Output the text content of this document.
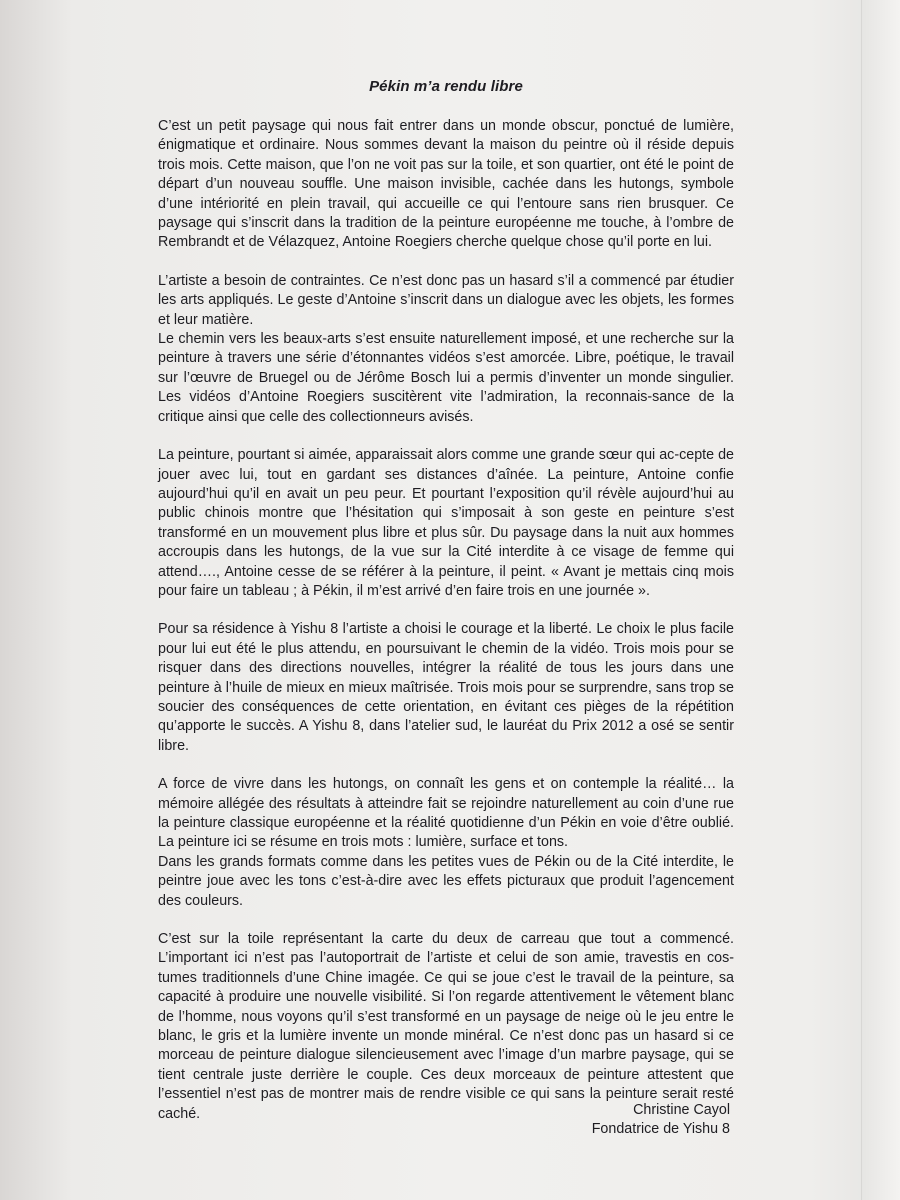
Pékin m’a rendu libre
C’est un petit paysage qui nous fait entrer dans un monde obscur, ponctué de lumière, énigmatique et ordinaire. Nous sommes devant la maison du peintre où il réside depuis trois mois. Cette maison, que l’on ne voit pas sur la toile, et son quartier, ont été le point de départ d’un nouveau souffle. Une maison invisible, cachée dans les hutongs, symbole d’une intériorité en plein travail, qui accueille ce qui l’entoure sans rien brusquer. Ce paysage qui s’inscrit dans la tradition de la peinture européenne me touche, à l’ombre de Rembrandt et de Vélazquez, Antoine Roegiers cherche quelque chose qu’il porte en lui.
L’artiste a besoin de contraintes. Ce n’est donc pas un hasard s’il a commencé par étudier les arts appliqués. Le geste d’Antoine s’inscrit dans un dialogue avec les objets, les formes et leur matière.
Le chemin vers les beaux-arts s’est ensuite naturellement imposé, et une recherche sur la peinture à travers une série d’étonnantes vidéos s’est amorcée. Libre, poétique, le travail sur l’œuvre de Bruegel ou de Jérôme Bosch lui a permis d’inventer un monde singulier. Les vidéos d’Antoine Roegiers suscitèrent vite l’admiration, la reconnais-sance de la critique ainsi que celle des collectionneurs avisés.
La peinture, pourtant si aimée, apparaissait alors comme une grande sœur qui ac-cepte de jouer avec lui, tout en gardant ses distances d’aînée. La peinture, Antoine confie aujourd’hui qu’il en avait un peu peur. Et pourtant l’exposition qu’il révèle aujourd’hui au public chinois montre que l’hésitation qui s’imposait à son geste en peinture s’est transformé en un mouvement plus libre et plus sûr. Du paysage dans la nuit aux hommes accroupis dans les hutongs, de la vue sur la Cité interdite à ce visage de femme qui attend…., Antoine cesse de se référer à la peinture, il peint. « Avant je mettais cinq mois pour faire un tableau ; à Pékin, il m’est arrivé d’en faire trois en une journée ».
Pour sa résidence à Yishu 8 l’artiste a choisi le courage et la liberté. Le choix le plus facile pour lui eut été le plus attendu, en poursuivant le chemin de la vidéo. Trois mois pour se risquer dans des directions nouvelles, intégrer la réalité de tous les jours dans une peinture à l’huile de mieux en mieux maîtrisée. Trois mois pour se surprendre, sans trop se soucier des conséquences de cette orientation, en évitant ces pièges de la répétition qu’apporte le succès. A Yishu 8, dans l’atelier sud, le lauréat du Prix 2012 a osé se sentir libre.
A force de vivre dans les hutongs, on connaît les gens et on contemple la réalité… la mémoire allégée des résultats à atteindre fait se rejoindre naturellement au coin d’une rue la peinture classique européenne et la réalité quotidienne d’un Pékin en voie d’être oublié. La peinture ici se résume en trois mots : lumière, surface et tons.
Dans les grands formats comme dans les petites vues de Pékin ou de la Cité interdite, le peintre joue avec les tons c’est-à-dire avec les effets picturaux que produit l’agencement des couleurs.
C’est sur la toile représentant la carte du deux de carreau que tout a commencé. L’important ici n’est pas l’autoportrait de l’artiste et celui de son amie, travestis en cos-tumes traditionnels d’une Chine imagée. Ce qui se joue c’est le travail de la peinture, sa capacité à produire une nouvelle visibilité. Si l’on regarde attentivement le vêtement blanc de l’homme, nous voyons qu’il s’est transformé en un paysage de neige où le jeu entre le blanc, le gris et la lumière invente un monde minéral. Ce n’est donc pas un hasard si ce morceau de peinture dialogue silencieusement avec l’image d’un marbre paysage, qui se tient centrale juste derrière le couple. Ces deux morceaux de peinture attestent que l’essentiel n’est pas de montrer mais de rendre visible ce qui sans la peinture serait resté caché.	Christine Cayol
Fondatrice de Yishu 8
